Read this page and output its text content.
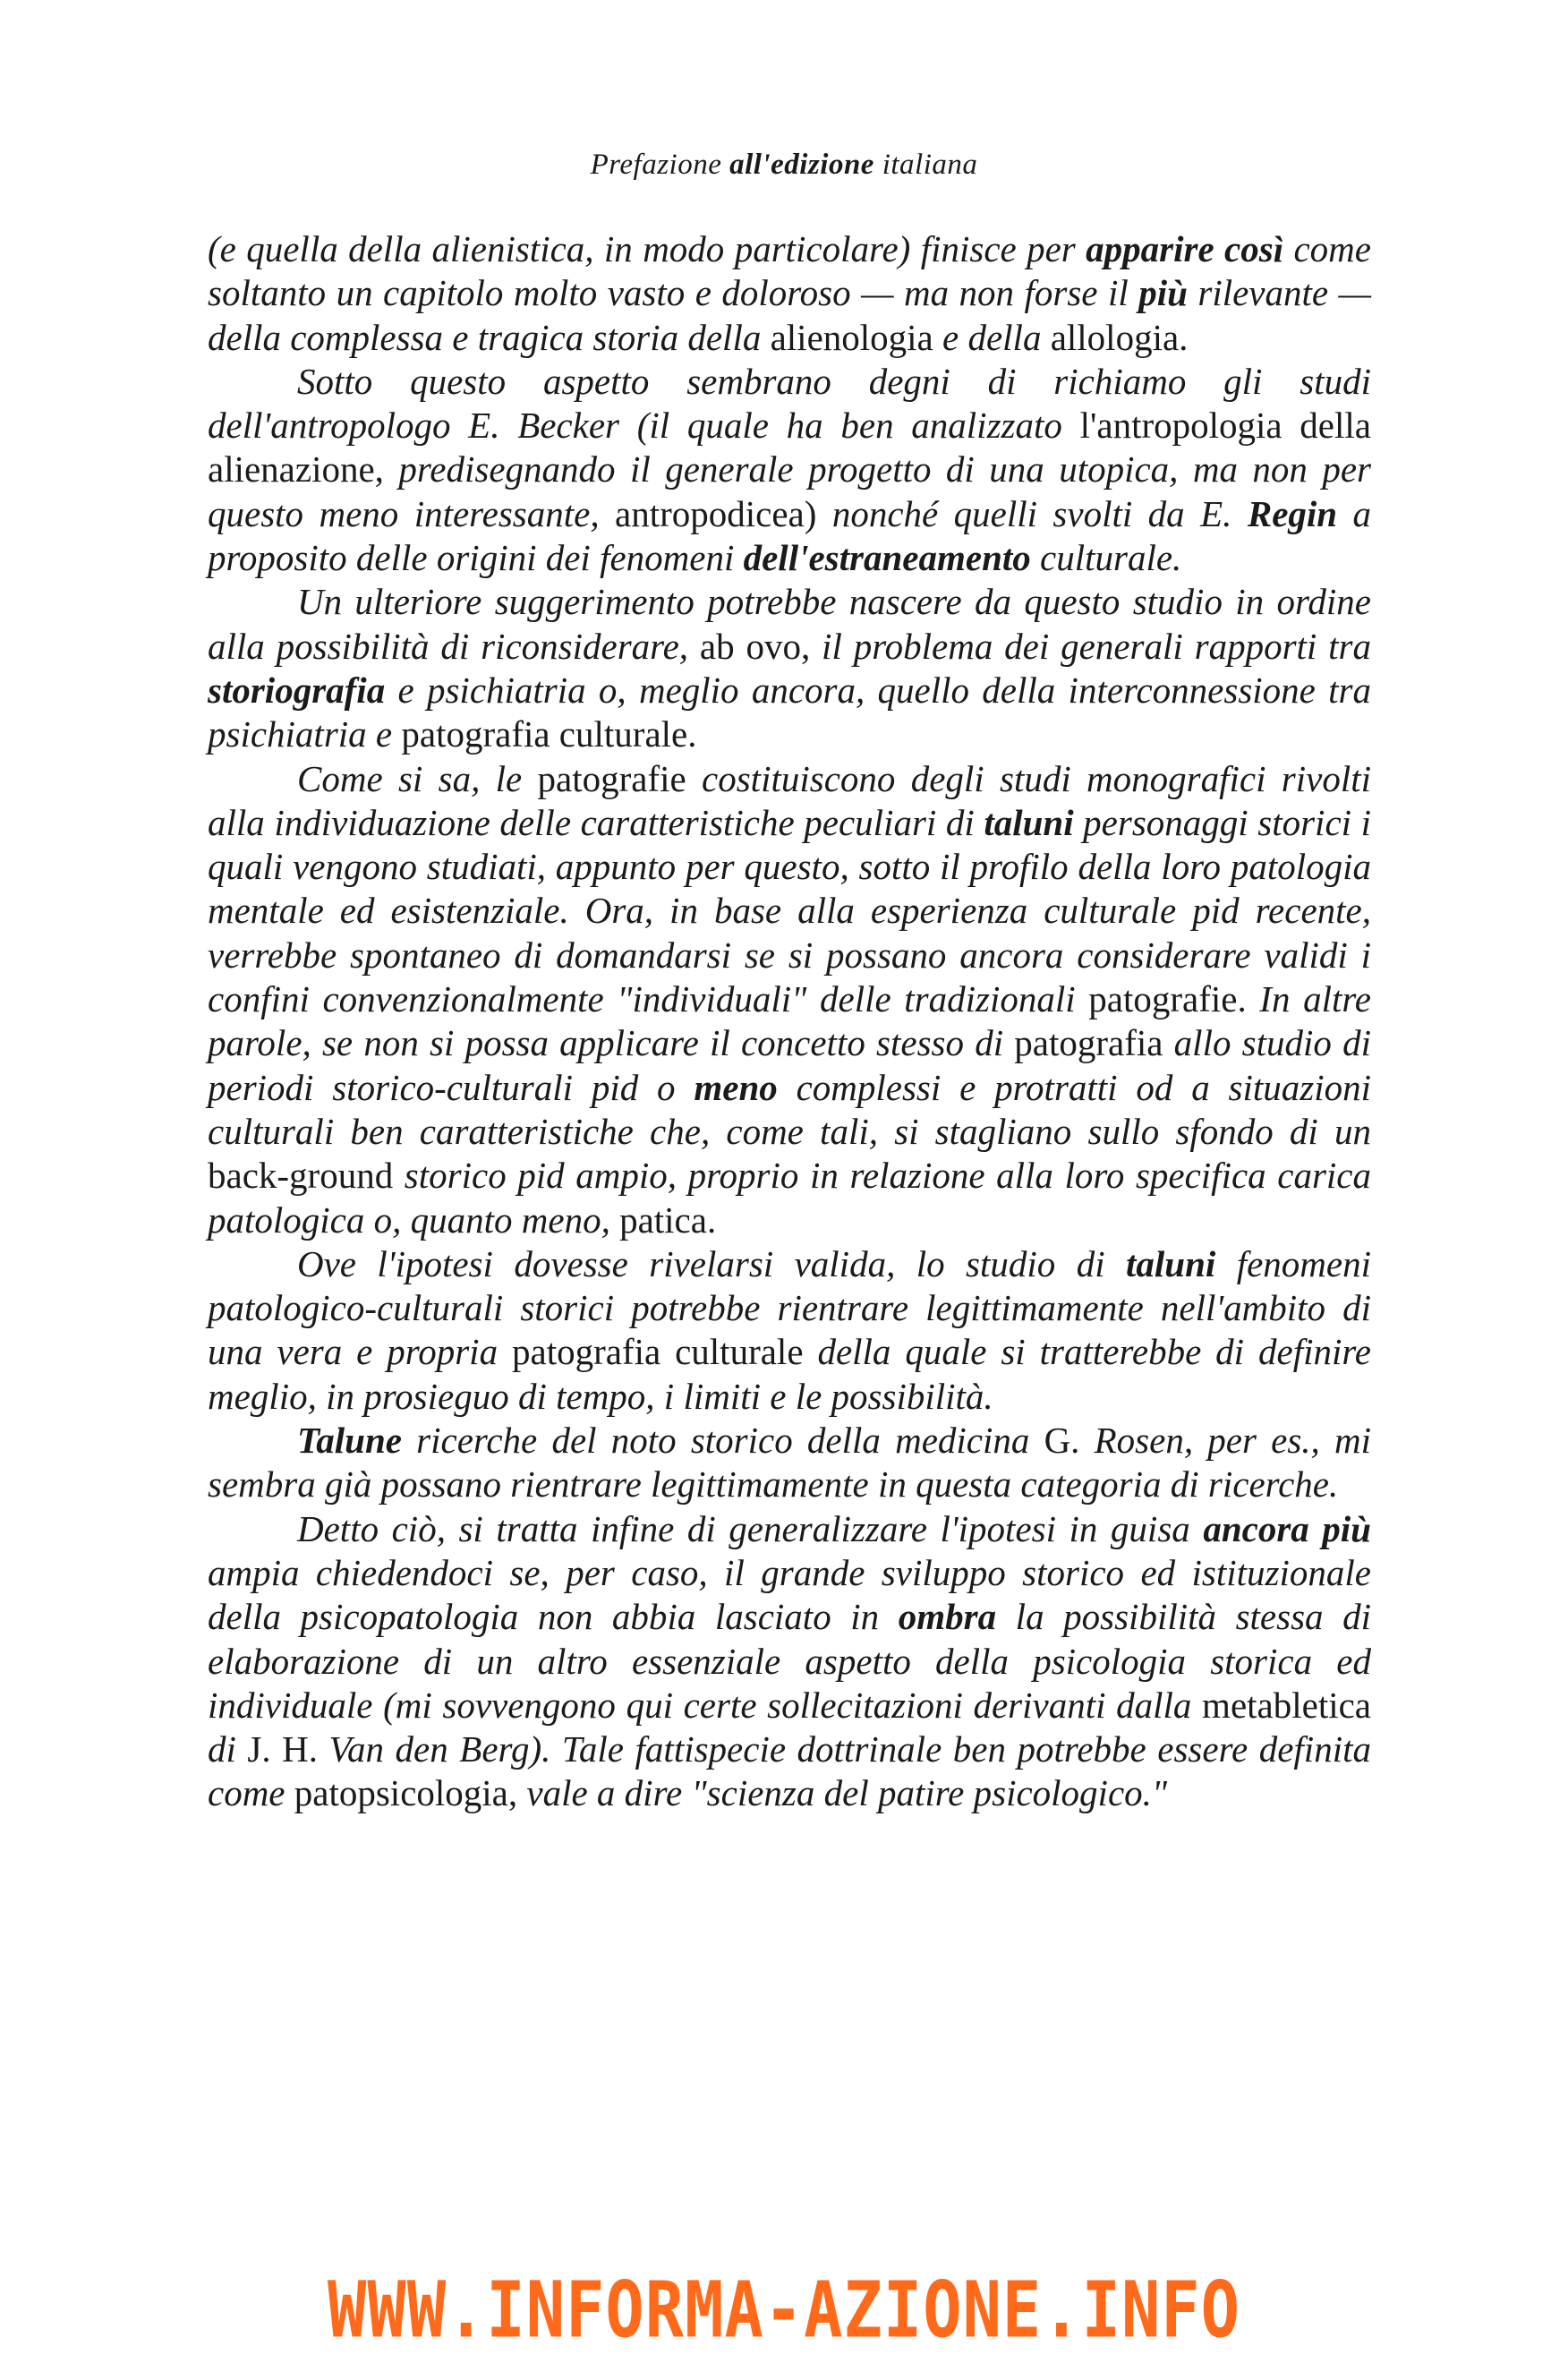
Prefazione all'edizione italiana

(e quella della alienistica, in modo particolare) finisce per apparire così come soltanto un capitolo molto vasto e doloroso — ma non forse il più rilevante — della complessa e tragica storia della alienologia e della allologia.

Sotto questo aspetto sembrano degni di richiamo gli studi dell'antropologo E. Becker (il quale ha ben analizzato l'antropologia della alienazione, predisegnando il generale progetto di una utopica, ma non per questo meno interessante, antropodicea) nonché quelli svolti da E. Regin a proposito delle origini dei fenomeni dell'estraneamento culturale.

Un ulteriore suggerimento potrebbe nascere da questo studio in ordine alla possibilità di riconsiderare, ab ovo, il problema dei generali rapporti tra storiografia e psichiatria o, meglio ancora, quello della interconnessione tra psichiatria e patografia culturale.

Come si sa, le patografie costituiscono degli studi monografici rivolti alla individuazione delle caratteristiche peculiari di taluni personaggi storici i quali vengono studiati, appunto per questo, sotto il profilo della loro patologia mentale ed esistenziale. Ora, in base alla esperienza culturale pid recente, verrebbe spontaneo di domandarsi se si possano ancora considerare validi i confini convenzionalmente "individuali" delle tradizionali patografie. In altre parole, se non si possa applicare il concetto stesso di patografia allo studio di periodi storico-culturali pid o meno complessi e protratti od a situazioni culturali ben caratteristiche che, come tali, si stagliano sullo sfondo di un back-ground storico pid ampio, proprio in relazione alla loro specifica carica patologica o, quanto meno, patica.

Ove l'ipotesi dovesse rivelarsi valida, lo studio di taluni fenomeni patologico-culturali storici potrebbe rientrare legittimamente nell'ambito di una vera e propria patografia culturale della quale si tratterebbe di definire meglio, in prosieguo di tempo, i limiti e le possibilità.

Talune ricerche del noto storico della medicina G. Rosen, per es., mi sembra già possano rientrare legittimamente in questa categoria di ricerche.

Detto ciò, si tratta infine di generalizzare l'ipotesi in guisa ancora più ampia chiedendoci se, per caso, il grande sviluppo storico ed istituzionale della psicopatologia non abbia lasciato in ombra la possibilità stessa di elaborazione di un altro essenziale aspetto della psicologia storica ed individuale (mi sovvengono qui certe sollecitazioni derivanti dalla metabletica di J. H. Van den Berg). Tale fattispecie dottrinale ben potrebbe essere definita come patopsicologia, vale a dire "scienza del patire psicologico."

WWW.INFORMA-AZIONE.INFO
